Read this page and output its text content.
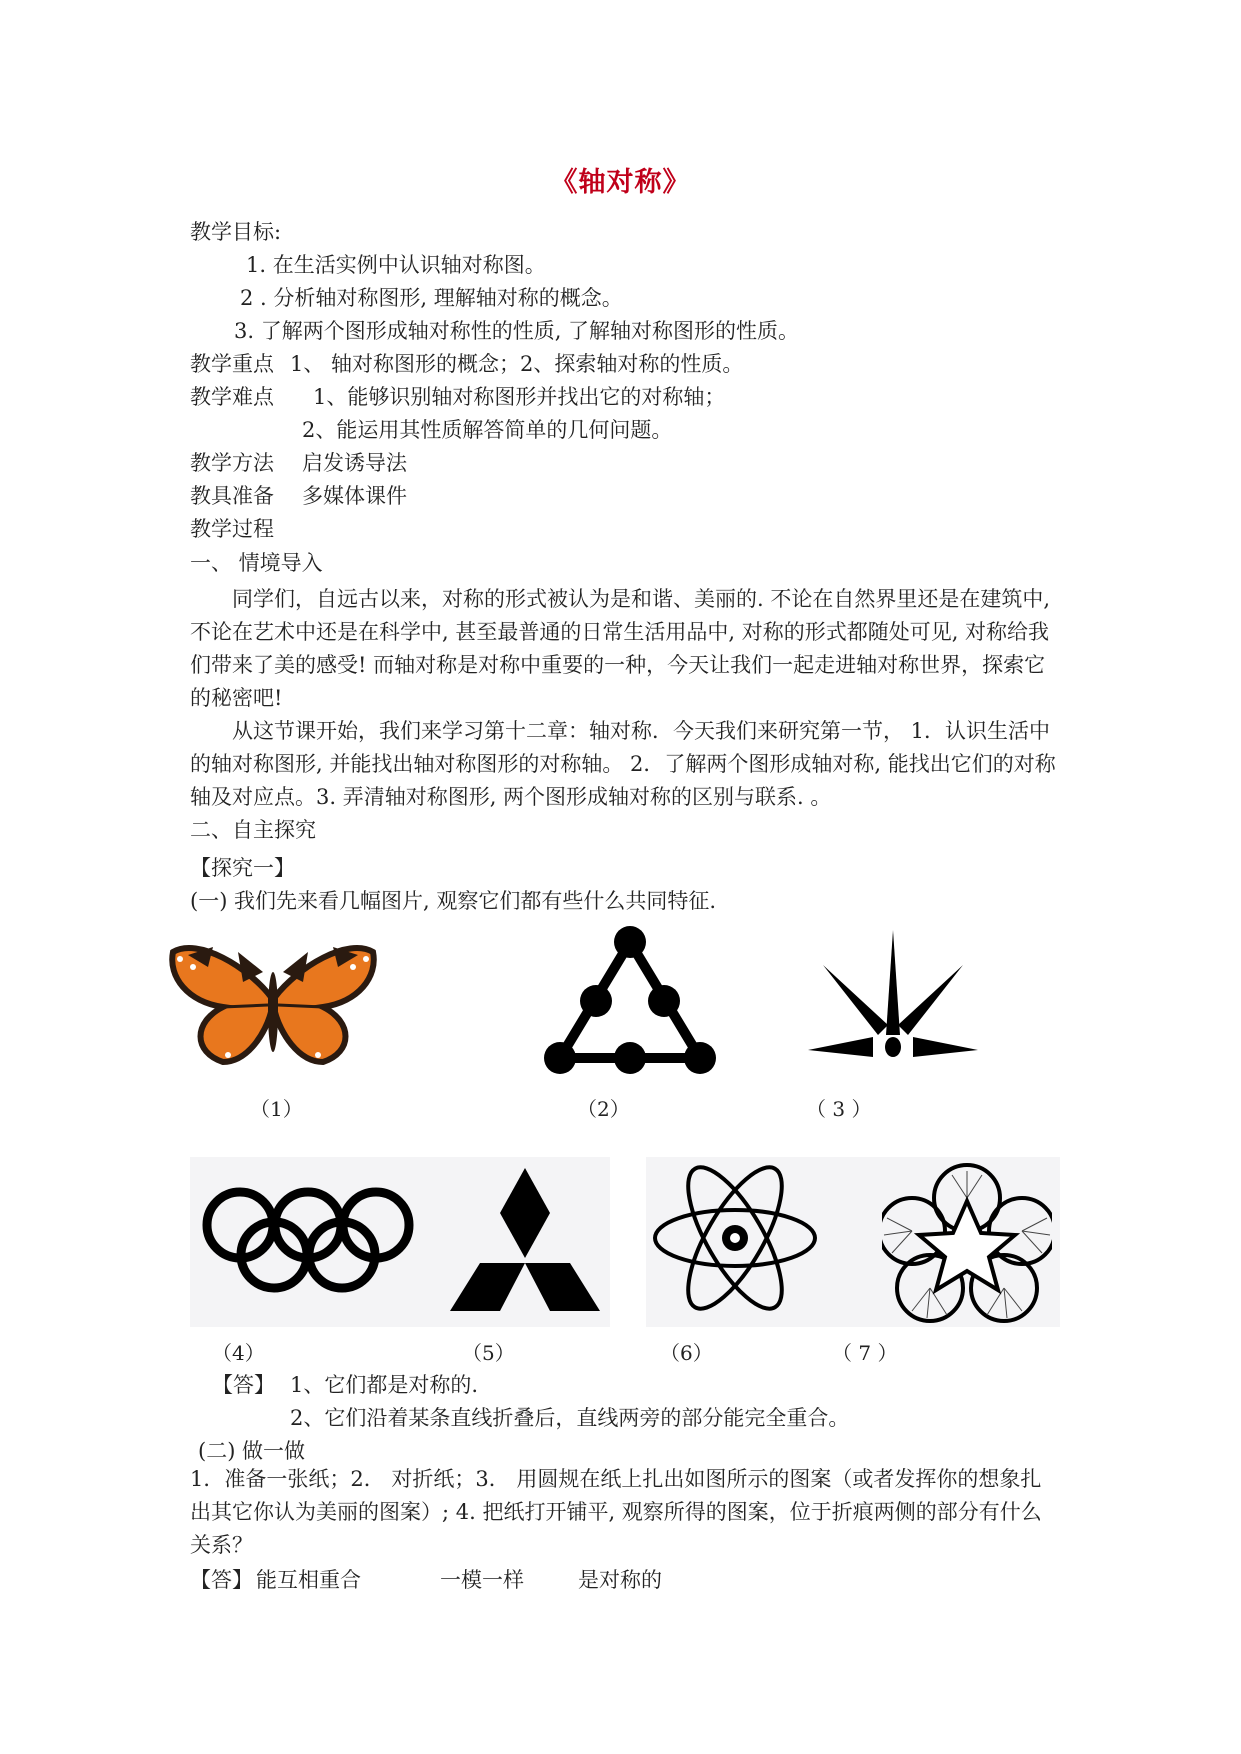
《轴对称》
教学目标:
1. 在生活实例中认识轴对称图。
2 . 分析轴对称图形, 理解轴对称的概念。
3. 了解两个图形成轴对称性的性质, 了解轴对称图形的性质。
教学重点 1、 轴对称图形的概念；2、探索轴对称的性质。
教学难点 1、能够识别轴对称图形并找出它的对称轴；
2、能运用其性质解答简单的几何问题。
教学方法 启发诱导法
教具准备 多媒体课件
教学过程
一、 情境导入
同学们，自远古以来，对称的形式被认为是和谐、美丽的. 不论在自然界里还是在建筑中, 不论在艺术中还是在科学中, 甚至最普通的日常生活用品中, 对称的形式都随处可见, 对称给我们带来了美的感受! 而轴对称是对称中重要的一种，今天让我们一起走进轴对称世界，探索它的秘密吧!
从这节课开始，我们来学习第十二章：轴对称．今天我们来研究第一节， 1．认识生活中的轴对称图形, 并能找出轴对称图形的对称轴。 2．了解两个图形成轴对称, 能找出它们的对称轴及对应点。3. 弄清轴对称图形, 两个图形成轴对称的区别与联系. 。
二、自主探究
【探究一】
(一) 我们先来看几幅图片, 观察它们都有些什么共同特征.
（1）	（2）	（ 3 ）
（4）	（5）	（6）	（ 7 ）
【答】 1、它们都是对称的.
2、它们沿着某条直线折叠后，直线两旁的部分能完全重合。
(二) 做一做
1．准备一张纸；2． 对折纸；3． 用圆规在纸上扎出如图所示的图案（或者发挥你的想象扎出其它你认为美丽的图案）; 4. 把纸打开铺平, 观察所得的图案，位于折痕两侧的部分有什么关系？
【答】 能互相重合	一模一样	是对称的
